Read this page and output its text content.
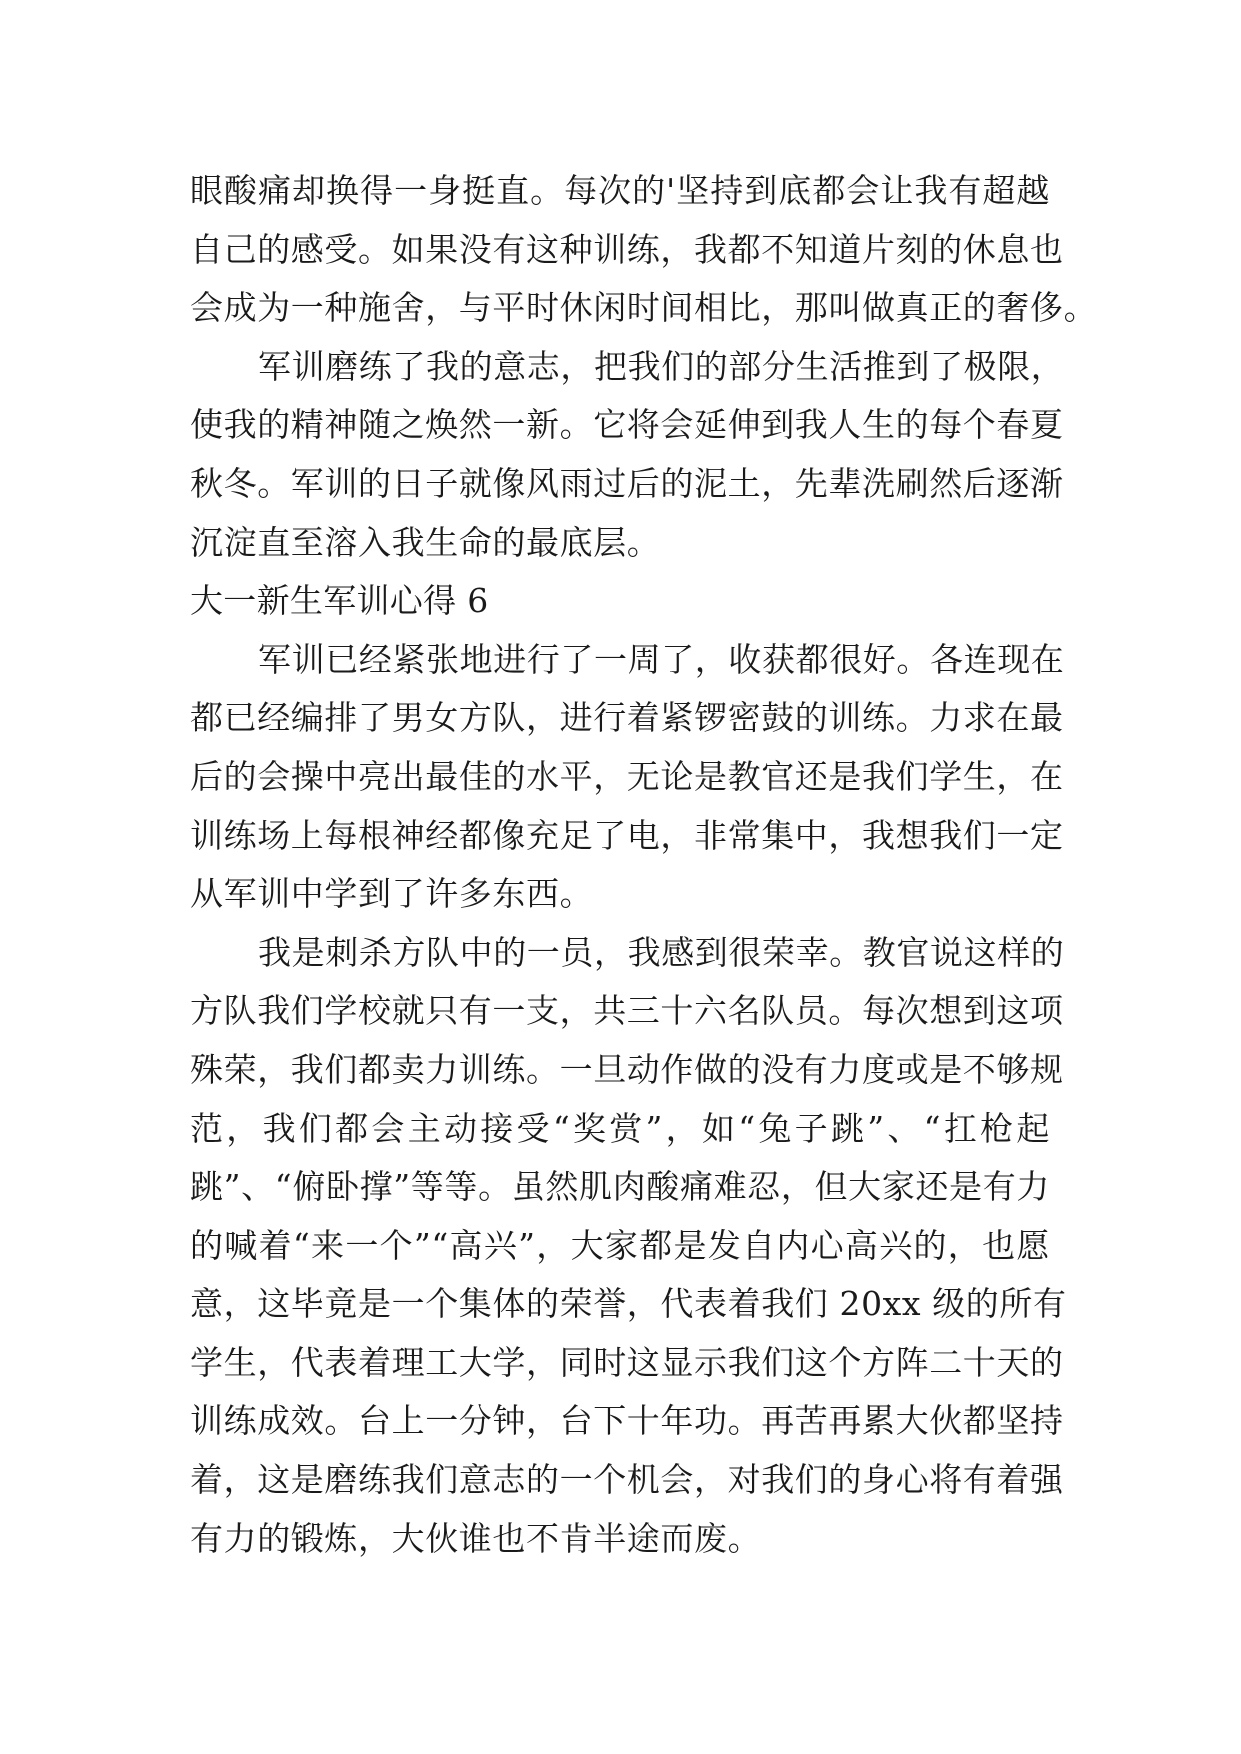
眼酸痛却换得一身挺直。每次的'坚持到底都会让我有超越
自己的感受。如果没有这种训练，我都不知道片刻的休息也
会成为一种施舍，与平时休闲时间相比，那叫做真正的奢侈。
军训磨练了我的意志，把我们的部分生活推到了极限，
使我的精神随之焕然一新。它将会延伸到我人生的每个春夏
秋冬。军训的日子就像风雨过后的泥土，先辈洗刷然后逐渐
沉淀直至溶入我生命的最底层。
大一新生军训心得 6
军训已经紧张地进行了一周了，收获都很好。各连现在
都已经编排了男女方队，进行着紧锣密鼓的训练。力求在最
后的会操中亮出最佳的水平，无论是教官还是我们学生，在
训练场上每根神经都像充足了电，非常集中，我想我们一定
从军训中学到了许多东西。
我是刺杀方队中的一员，我感到很荣幸。教官说这样的
方队我们学校就只有一支，共三十六名队员。每次想到这项
殊荣，我们都卖力训练。一旦动作做的没有力度或是不够规
范，我们都会主动接受“奖赏”，如“兔子跳”、“扛枪起
跳”、“俯卧撑”等等。虽然肌肉酸痛难忍，但大家还是有力
的喊着“来一个”“高兴”，大家都是发自内心高兴的，也愿
意，这毕竟是一个集体的荣誉，代表着我们 20xx 级的所有
学生，代表着理工大学，同时这显示我们这个方阵二十天的
训练成效。台上一分钟，台下十年功。再苦再累大伙都坚持
着，这是磨练我们意志的一个机会，对我们的身心将有着强
有力的锻炼，大伙谁也不肯半途而废。
